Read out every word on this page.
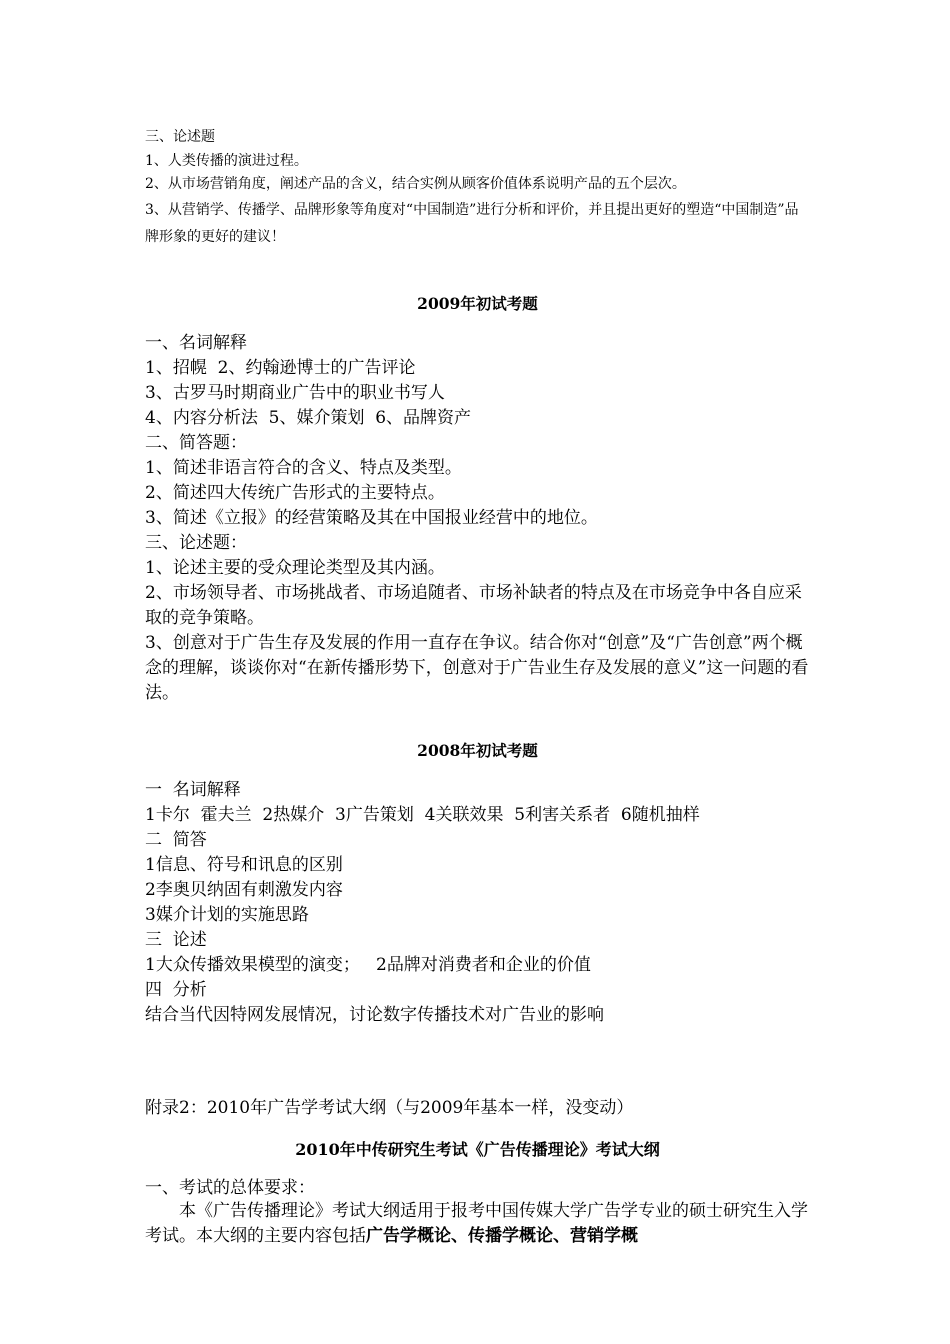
三、论述题

1、人类传播的演进过程。

2、从市场营销角度，阐述产品的含义，结合实例从顾客价值体系说明产品的五个层次。

3、从营销学、传播学、品牌形象等角度对“中国制造”进行分析和评价，并且提出更好的塑造“中国制造”品牌形象的更好的建议！

2009年初试考题

一、名词解释

1、招幌  2、约翰逊博士的广告评论

3、古罗马时期商业广告中的职业书写人

4、内容分析法  5、媒介策划  6、品牌资产

二、简答题：

1、简述非语言符合的含义、特点及类型。

2、简述四大传统广告形式的主要特点。

3、简述《立报》的经营策略及其在中国报业经营中的地位。

三、论述题：

1、论述主要的受众理论类型及其内涵。

2、市场领导者、市场挑战者、市场追随者、市场补缺者的特点及在市场竞争中各自应采取的竞争策略。

3、创意对于广告生存及发展的作用一直存在争议。结合你对“创意”及“广告创意”两个概念的理解，谈谈你对“在新传播形势下，创意对于广告业生存及发展的意义”这一问题的看法。

2008年初试考题

一  名词解释

1卡尔  霍夫兰  2热媒介  3广告策划  4关联效果  5利害关系者  6随机抽样

二  简答

1信息、符号和讯息的区别

2李奥贝纳固有刺激发内容

3媒介计划的实施思路

三  论述

1大众传播效果模型的演变；   2品牌对消费者和企业的价值

四  分析

结合当代因特网发展情况，讨论数字传播技术对广告业的影响

附录2：2010年广告学考试大纲（与2009年基本一样，没变动）

2010年中传研究生考试《广告传播理论》考试大纲

一、考试的总体要求：

本《广告传播理论》考试大纲适用于报考中国传媒大学广告学专业的硕士研究生入学考试。本大纲的主要内容包括广告学概论、传播学概论、营销学概
